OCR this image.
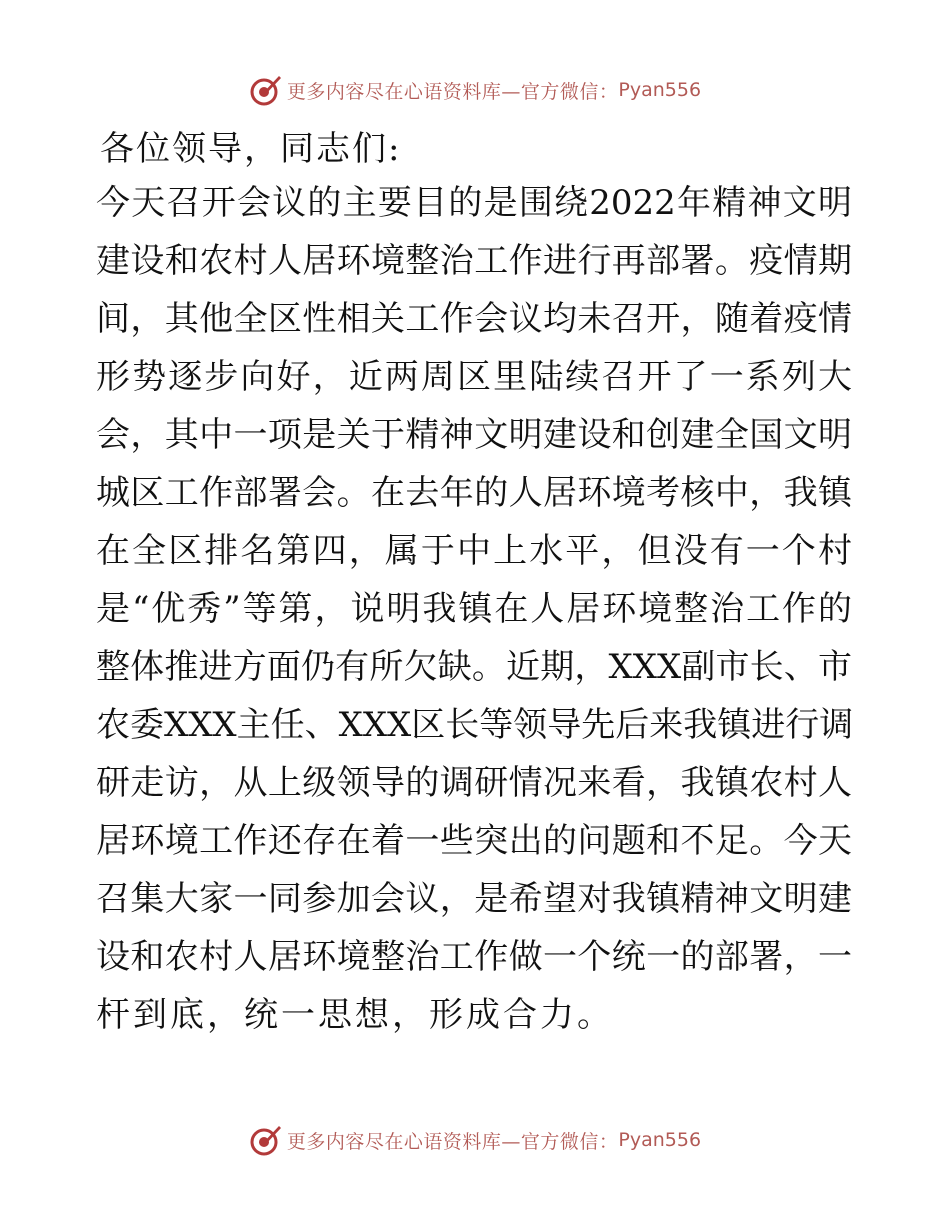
更多内容尽在心语资料库—官方微信： Pyan556

各位领导，同志们:

今天召开会议的主要目的是围绕2022年精神文明
建设和农村人居环境整治工作进行再部署。疫情期
间，其他全区性相关工作会议均未召开，随着疫情
形势逐步向好，近两周区里陆续召开了一系列大
会，其中一项是关于精神文明建设和创建全国文明
城区工作部署会。在去年的人居环境考核中，我镇
在全区排名第四，属于中上水平，但没有一个村
是“优秀”等第，说明我镇在人居环境整治工作的
整体推进方面仍有所欠缺。近期，XXX副市长、市
农委XXX主任、XXX区长等领导先后来我镇进行调
研走访，从上级领导的调研情况来看，我镇农村人
居环境工作还存在着一些突出的问题和不足。今天
召集大家一同参加会议，是希望对我镇精神文明建
设和农村人居环境整治工作做一个统一的部署，一
杆到底，统一思想，形成合力。
更多内容尽在心语资料库—官方微信： Pyan556
